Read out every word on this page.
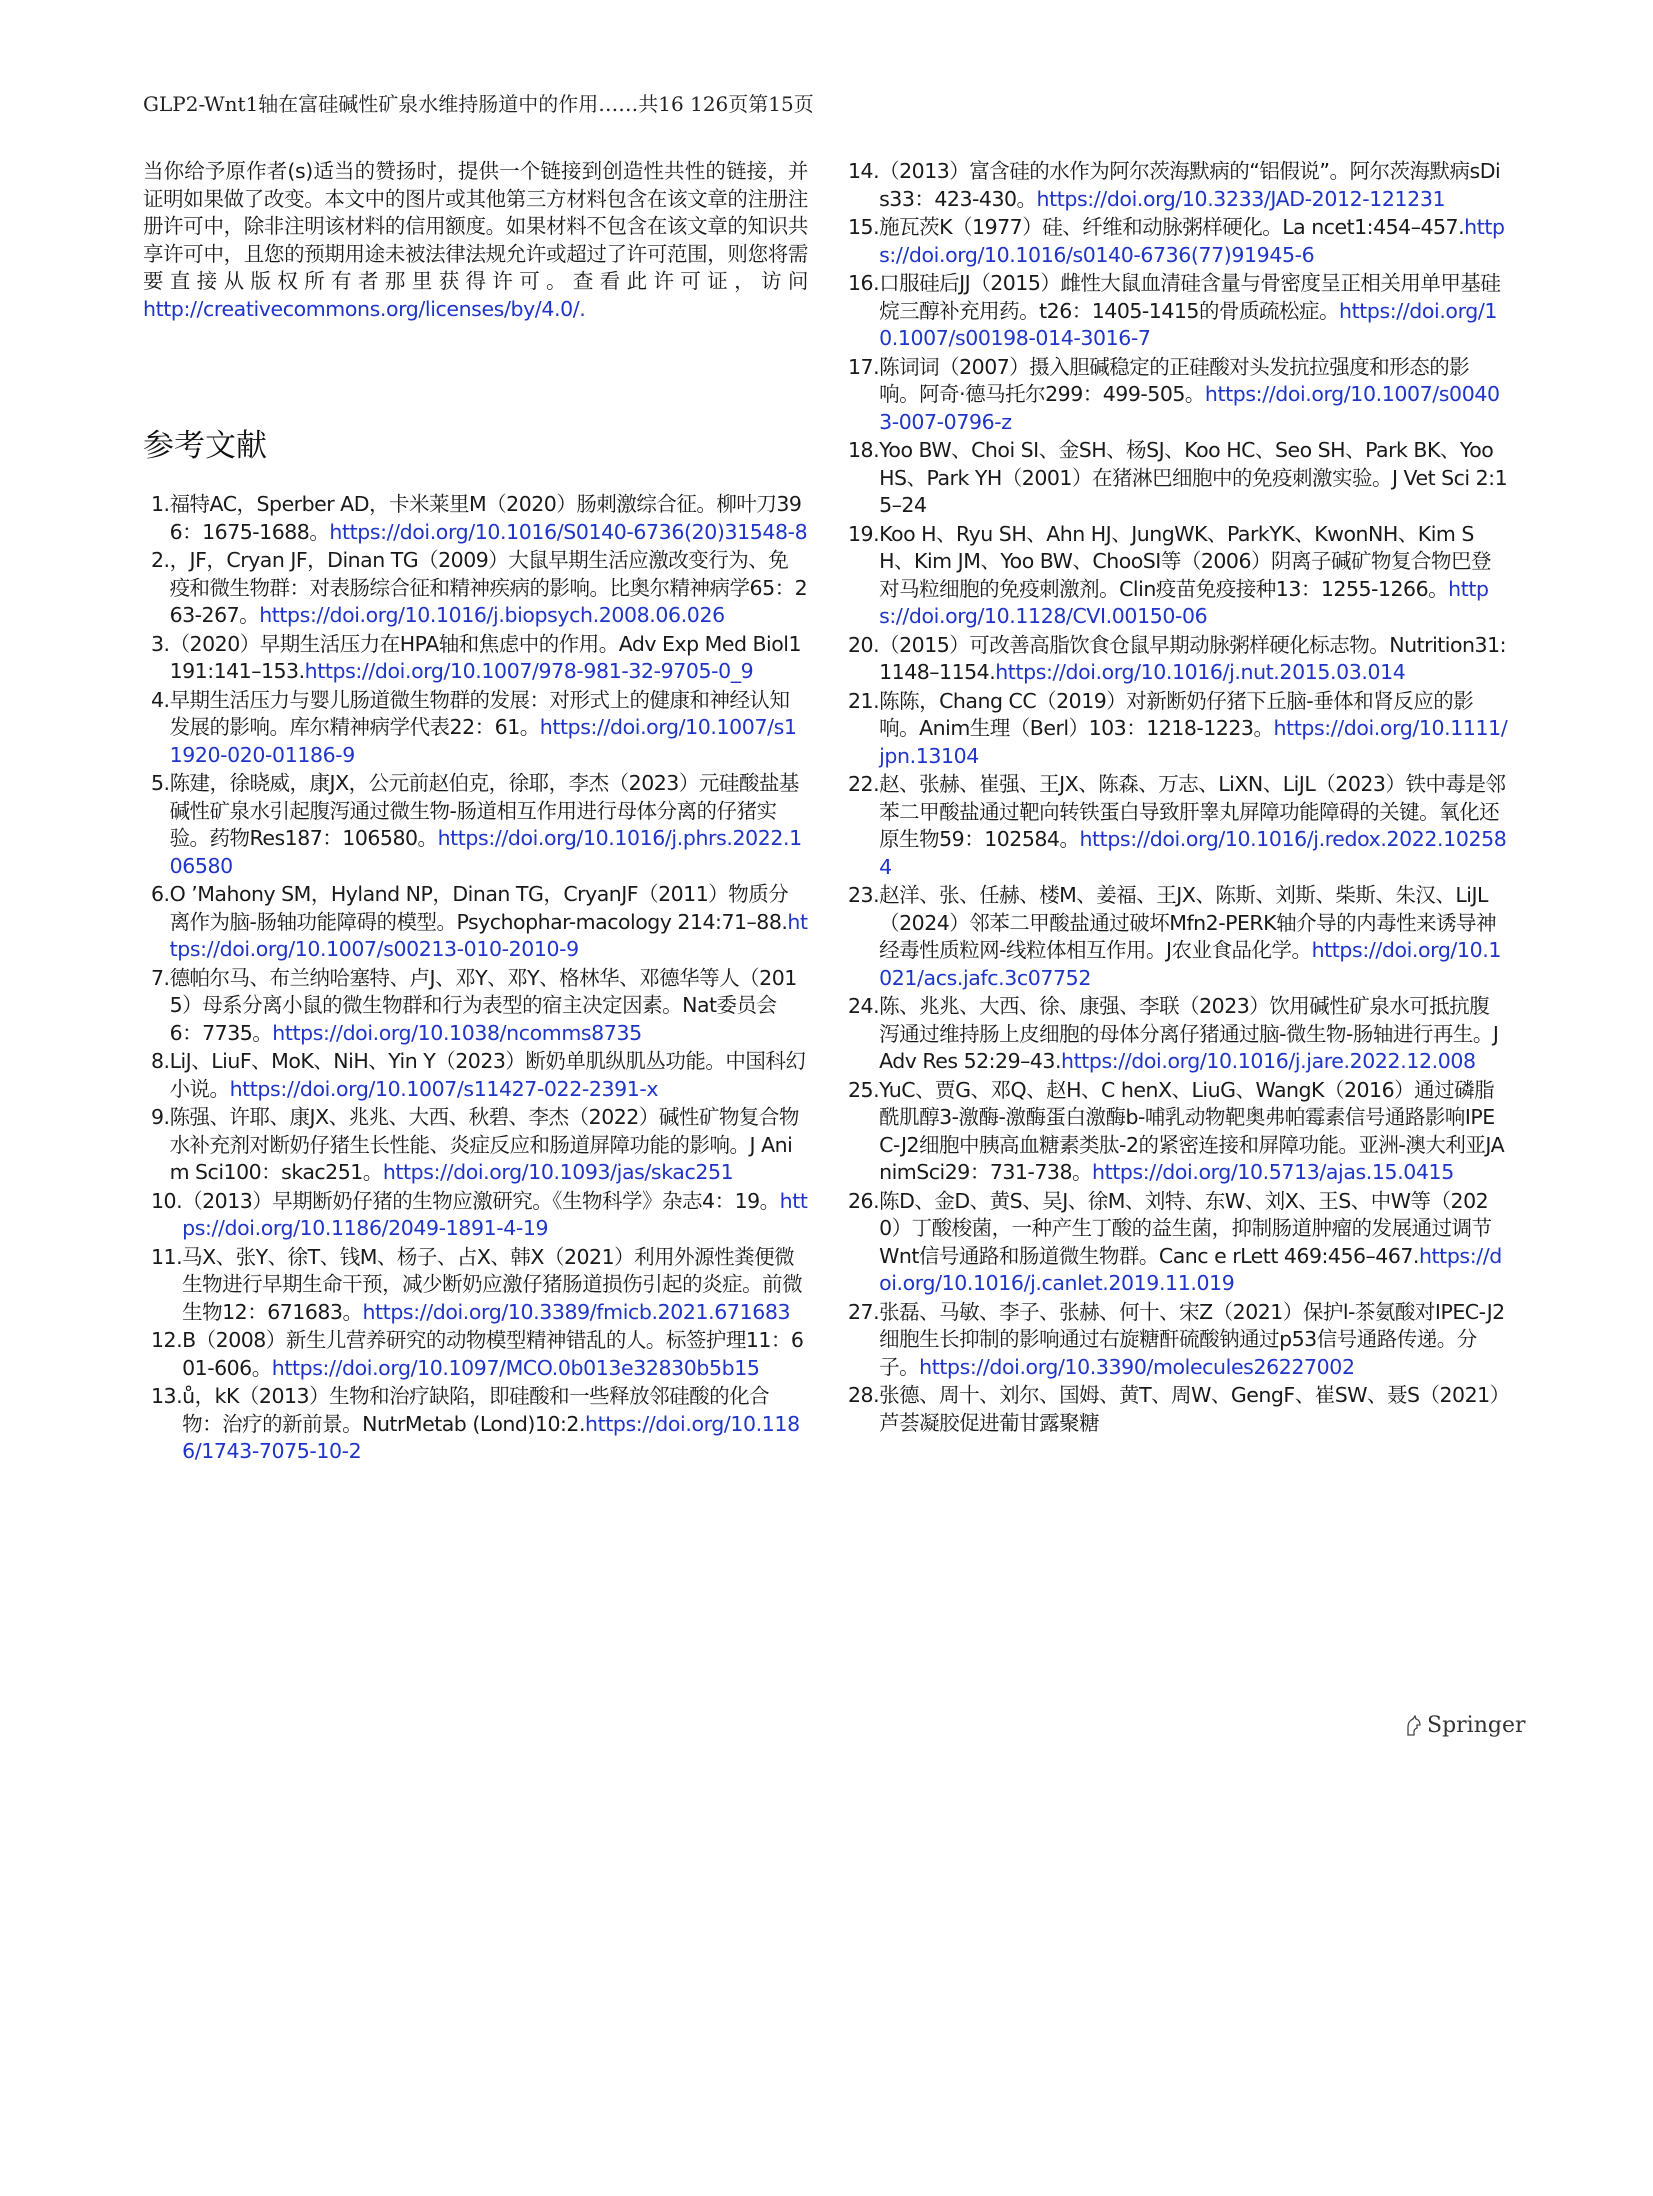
GLP2-Wnt1轴在富硅碱性矿泉水维持肠道中的作用……共16 126页第15页

当你给予原作者(s)适当的赞扬时，提供一个链接到创造性共性的链接，并证明如果做了改变。本文中的图片或其他第三方材料包含在该文章的注册注册许可中，除非注明该材料的信用额度。如果材料不包含在该文章的知识共享许可中，且您的预期用途未被法律法规允许或超过了许可范围，则您将需要直接从版权所有者那里获得许可。查看此许可证，访问http://creativecommons.org/licenses/by/4.0/.

参考文献
1. 福特AC，Sperber AD，卡米莱里M（2020）肠刺激综合征。柳叶刀396：1675-1688。https://doi.org/10.1016/S0140-6736(20)31548-8
2. ，JF，Cryan JF，Dinan TG（2009）大鼠早期生活应激改变行为、免疫和微生物群：对表肠综合征和精神疾病的影响。比奥尔精神病学65：263-267。https://doi.org/10.1016/j.biopsych.2008.06.026
3. （2020）早期生活压力在HPA轴和焦虑中的作用。Adv Exp Med Biol1191:141–153.https://doi.org/10.1007/978-981-32-9705-0_9
4. 早期生活压力与婴儿肠道微生物群的发展：对形式上的健康和神经认知发展的影响。库尔精神病学代表22：61。https://doi.org/10.1007/s11920-020-01186-9
5. 陈建，徐晓威，康JX，公元前赵伯克，徐耶，李杰（2023）元硅酸盐基碱性矿泉水引起腹泻通过微生物-肠道相互作用进行母体分离的仔猪实验。药物Res187：106580。https://doi.org/10.1016/j.phrs.2022.106580
6. O ’Mahony SM，Hyland NP，Dinan TG，CryanJF（2011）物质分离作为脑-肠轴功能障碍的模型。Psychophar-macology 214:71–88.https://doi.org/10.1007/s00213-010-2010-9
7. 德帕尔马、布兰纳哈塞特、卢J、邓Y、邓Y、格林华、邓德华等人（2015）母系分离小鼠的微生物群和行为表型的宿主决定因素。Nat委员会6：7735。https://doi.org/10.1038/ncomms8735
8. LiJ、LiuF、MoK、NiH、Yin Y（2023）断奶单肌纵肌丛功能。中国科幻小说。https://doi.org/10.1007/s11427-022-2391-x
9. 陈强、许耶、康JX、兆兆、大西、秋碧、李杰（2022）碱性矿物复合物水补充剂对断奶仔猪生长性能、炎症反应和肠道屏障功能的影响。J Anim Sci100：skac251。https://doi.org/10.1093/jas/skac251
10. （2013）早期断奶仔猪的生物应激研究。《生物科学》杂志4：19。https://doi.org/10.1186/2049-1891-4-19
11. 马X、张Y、徐T、钱M、杨子、占X、韩X（2021）利用外源性粪便微生物进行早期生命干预，减少断奶应激仔猪肠道损伤引起的炎症。前微生物12：671683。https://doi.org/10.3389/fmicb.2021.671683
12. B（2008）新生儿营养研究的动物模型精神错乱的人。标签护理11：601-606。https://doi.org/10.1097/MCO.0b013e32830b5b15
13. ů，kK（2013）生物和治疗缺陷，即硅酸和一些释放邻硅酸的化合物：治疗的新前景。NutrMetab (Lond)10:2.https://doi.org/10.1186/1743-7075-10-2
14. （2013）富含硅的水作为阿尔茨海默病的“铝假说”。阿尔茨海默病sDis33：423-430。https://doi.org/10.3233/JAD-2012-121231
15. 施瓦茨K（1977）硅、纤维和动脉粥样硬化。La ncet1:454–457.https://doi.org/10.1016/s0140-6736(77)91945-6
16. 口服硅后JJ（2015）雌性大鼠血清硅含量与骨密度呈正相关用单甲基硅烷三醇补充用药。t26：1405-1415的骨质疏松症。https://doi.org/10.1007/s00198-014-3016-7
17. 陈词词（2007）摄入胆碱稳定的正硅酸对头发抗拉强度和形态的影响。阿奇·德马托尔299：499-505。https://doi.org/10.1007/s00403-007-0796-z
18. Yoo BW、Choi SI、金SH、杨SJ、Koo HC、Seo SH、Park BK、Yoo HS、Park YH（2001）在猪淋巴细胞中的免疫刺激实验。J Vet Sci 2:15–24
19. Koo H、Ryu SH、Ahn HJ、JungWK、ParkYK、KwonNH、Kim SH、Kim JM、Yoo BW、ChooSI等（2006）阴离子碱矿物复合物巴登对马粒细胞的免疫刺激剂。Clin疫苗免疫接种13：1255-1266。https://doi.org/10.1128/CVI.00150-06
20. （2015）可改善高脂饮食仓鼠早期动脉粥样硬化标志物。Nutrition31:1148–1154.https://doi.org/10.1016/j.nut.2015.03.014
21. 陈陈，Chang CC（2019）对新断奶仔猪下丘脑-垂体和肾反应的影响。Anim生理（Berl）103：1218-1223。https://doi.org/10.1111/jpn.13104
22. 赵、张赫、崔强、王JX、陈森、万志、LiXN、LiJL（2023）铁中毒是邻苯二甲酸盐通过靶向转铁蛋白导致肝睾丸屏障功能障碍的关键。氧化还原生物59：102584。https://doi.org/10.1016/j.redox.2022.102584
23. 赵洋、张、任赫、楼M、姜福、王JX、陈斯、刘斯、柴斯、朱汉、LiJL（2024）邻苯二甲酸盐通过破坏Mfn2-PERK轴介导的内毒性来诱导神经毒性质粒网-线粒体相互作用。J农业食品化学。https://doi.org/10.1021/acs.jafc.3c07752
24. 陈、兆兆、大西、徐、康强、李联（2023）饮用碱性矿泉水可抵抗腹泻通过维持肠上皮细胞的母体分离仔猪通过脑-微生物-肠轴进行再生。J Adv Res 52:29–43.https://doi.org/10.1016/j.jare.2022.12.008
25. YuC、贾G、邓Q、赵H、C henX、LiuG、WangK（2016）通过磷脂酰肌醇3-激酶-激酶蛋白激酶b-哺乳动物靶奥弗帕霉素信号通路影响IPEC-J2细胞中胰高血糖素类肽-2的紧密连接和屏障功能。亚洲-澳大利亚JAnimSci29：731-738。https://doi.org/10.5713/ajas.15.0415
26. 陈D、金D、黄S、吴J、徐M、刘特、东W、刘X、王S、中W等（2020）丁酸梭菌，一种产生丁酸的益生菌，抑制肠道肿瘤的发展通过调节Wnt信号通路和肠道微生物群。Canc e rLett 469:456–467.https://doi.org/10.1016/j.canlet.2019.11.019
27. 张磊、马敏、李子、张赫、何十、宋Z（2021）保护l-茶氨酸对IPEC-J2细胞生长抑制的影响通过右旋糖酐硫酸钠通过p53信号通路传递。分子。https://doi.org/10.3390/molecules26227002
28. 张德、周十、刘尔、国姆、黄T、周W、GengF、崔SW、聂S（2021）芦荟凝胶促进葡甘露聚糖
Springer
